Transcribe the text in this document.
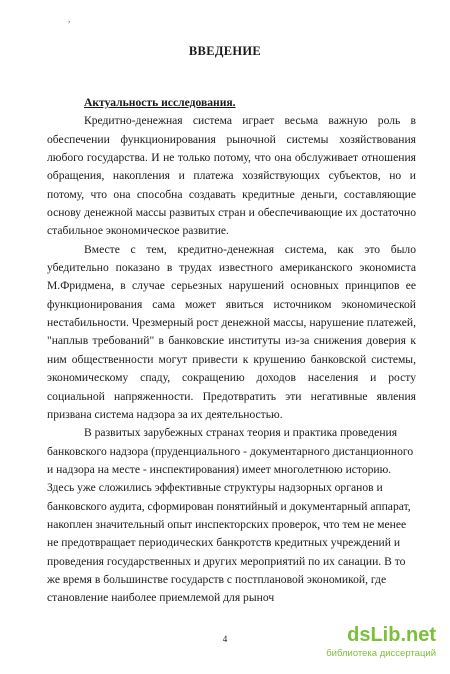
,
ВВЕДЕНИЕ

Актуальность исследования.

Кредитно-денежная система играет весьма важную роль в обеспечении функционирования рыночной системы хозяйствования любого государства. И не только потому, что она обслуживает отношения обращения, накопления и платежа хозяйствующих субъектов, но и потому, что она способна создавать кредитные деньги, составляющие основу денежной массы развитых стран и обеспечивающие их достаточно стабильное экономическое развитие.

Вместе с тем, кредитно-денежная система, как это было убедительно показано в трудах известного американского экономиста М.Фридмена, в случае серьезных нарушений основных принципов ее функционирования сама может явиться источником экономической нестабильности. Чрезмерный рост денежной массы, нарушение платежей, "наплыв требований" в банковские институты из-за снижения доверия к ним общественности могут привести к крушению банковской системы, экономическому спаду, сокращению доходов населения и росту социальной напряженности. Предотвратить эти негативные явления призвана система надзора за их деятельностью.

В развитых зарубежных странах теория и практика проведения банковского надзора (пруденциального - документарного дистанционного и надзора на месте - инспектирования) имеет многолетнюю историю. Здесь уже сложились эффективные структуры надзорных органов и банковского аудита, сформирован понятийный и документарный аппарат, накоплен значительный опыт инспекторских проверок, что тем не менее не предотвращает периодических банкротств кредитных учреждений и проведения государственных и других мероприятий по их санации. В то же время в большинстве государств с постплановой экономикой, где становление наиболее приемлемой для рыноч

4	dsLib.net
библиотека диссертаций
